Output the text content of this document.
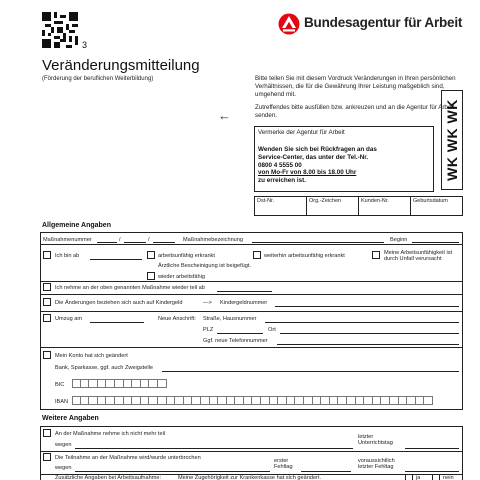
3
Bundesagentur für Arbeit
Veränderungsmitteilung
(Förderung der beruflichen Weiterbildung)	Bitte teilen Sie mit diesem Vordruck Veränderungen in Ihren persönlichen Verhältnissen, die für die Gewährung Ihrer Leistung maßgeblich sind, umgehend mit.
Zutreffendes bitte ausfüllen bzw. ankreuzen und an die Agentur für Arbeit senden.
←
Vermerke der Agentur für Arbeit
Wenden Sie sich bei Rückfragen an das
Service-Center, das unter der Tel.-Nr.
0800 4 5555 00
von Mo-Fr von 8.00 bis 18.00 Uhr
zu erreichen ist.	WK WK WK
Dst-Nr.	Org.-Zeichen	Kunden-Nr.	Geburtsdatum
Allgemeine Angaben
Maßnahmenummer	/	/	Maßnahmebezeichnung	Beginn
Ich bin ab	arbeitsunfähig erkrankt	weiterhin arbeitsunfähig erkrankt	Meine Arbeitsunfähigkeit ist durch Unfall verursacht
Ärztliche Bescheinigung ist beigefügt.
wieder arbeitsfähig
Ich nehme an der oben genannten Maßnahme wieder teil ab
Die Änderungen beziehen sich auch auf Kindergeld	—> Kindergeldnummer
Umzug am	Neue Anschrift: Straße, Hausnummer
PLZ	Ort
Ggf. neue Telefonnummer
Mein Konto hat sich geändert
Bank, Sparkasse, ggf. auch Zweigstelle
BIC
IBAN
Weitere Angaben
An der Maßnahme nehme ich nicht mehr teil
wegen
letzter Unterrichtstag
Die Teilnahme an der Maßnahme wird/wurde unterbrochen
wegen
erster Fehltag
voraussichtlich letzter Fehltag
Zusätzliche Angaben bei Arbeitsaufnahme:	Meine Zugehörigkeit zur Krankenkasse hat sich geändert.	ja	nein
